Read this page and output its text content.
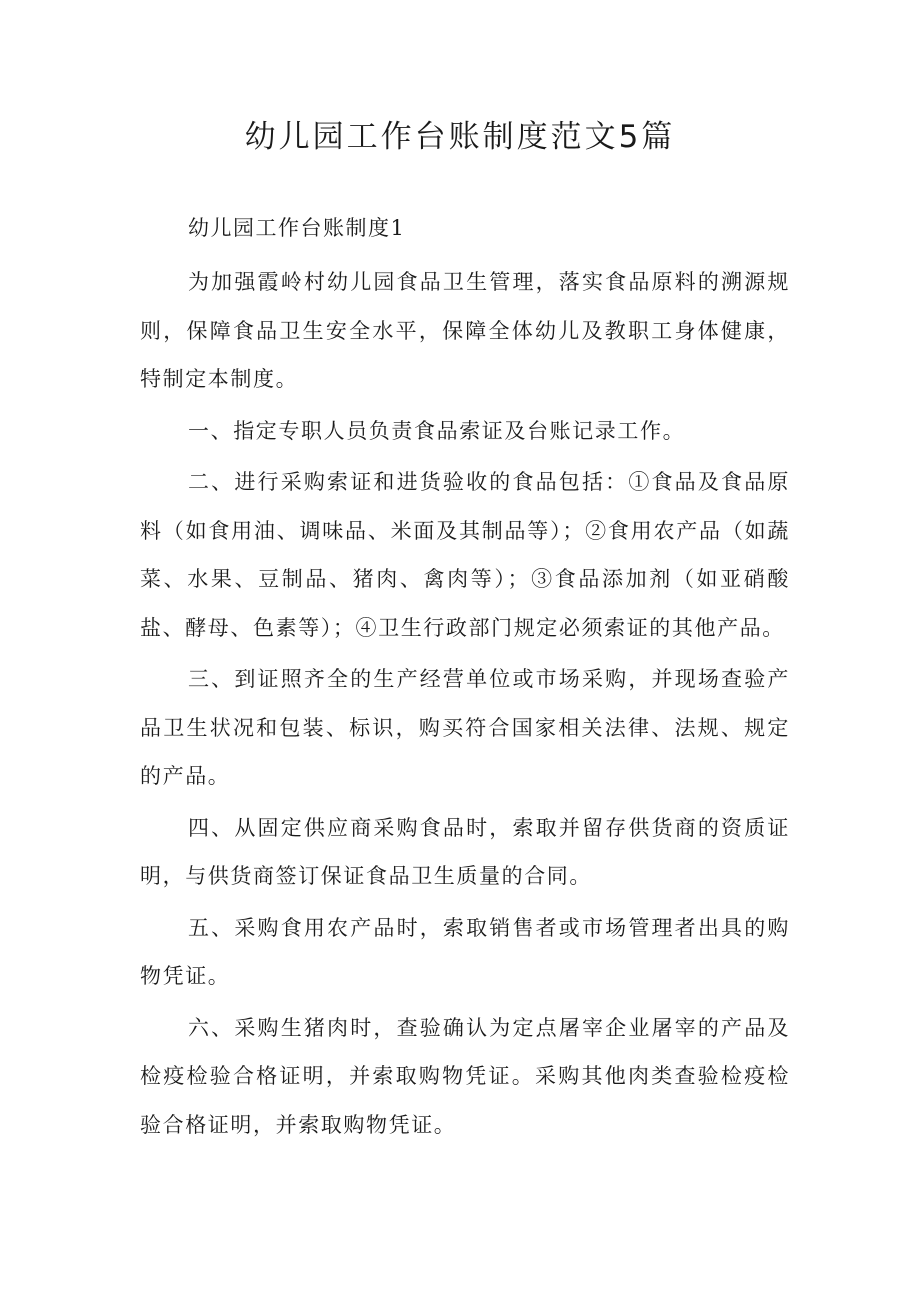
幼儿园工作台账制度范文5篇
幼儿园工作台账制度1

为加强霞岭村幼儿园食品卫生管理，落实食品原料的溯源规则，保障食品卫生安全水平，保障全体幼儿及教职工身体健康，特制定本制度。

一、指定专职人员负责食品索证及台账记录工作。

二、进行采购索证和进货验收的食品包括：①食品及食品原料（如食用油、调味品、米面及其制品等）；②食用农产品（如蔬菜、水果、豆制品、猪肉、禽肉等）；③食品添加剂（如亚硝酸盐、酵母、色素等）；④卫生行政部门规定必须索证的其他产品。

三、到证照齐全的生产经营单位或市场采购，并现场查验产品卫生状况和包装、标识，购买符合国家相关法律、法规、规定的产品。

四、从固定供应商采购食品时，索取并留存供货商的资质证明，与供货商签订保证食品卫生质量的合同。

五、采购食用农产品时，索取销售者或市场管理者出具的购物凭证。

六、采购生猪肉时，查验确认为定点屠宰企业屠宰的产品及检疫检验合格证明，并索取购物凭证。采购其他肉类查验检疫检验合格证明，并索取购物凭证。
